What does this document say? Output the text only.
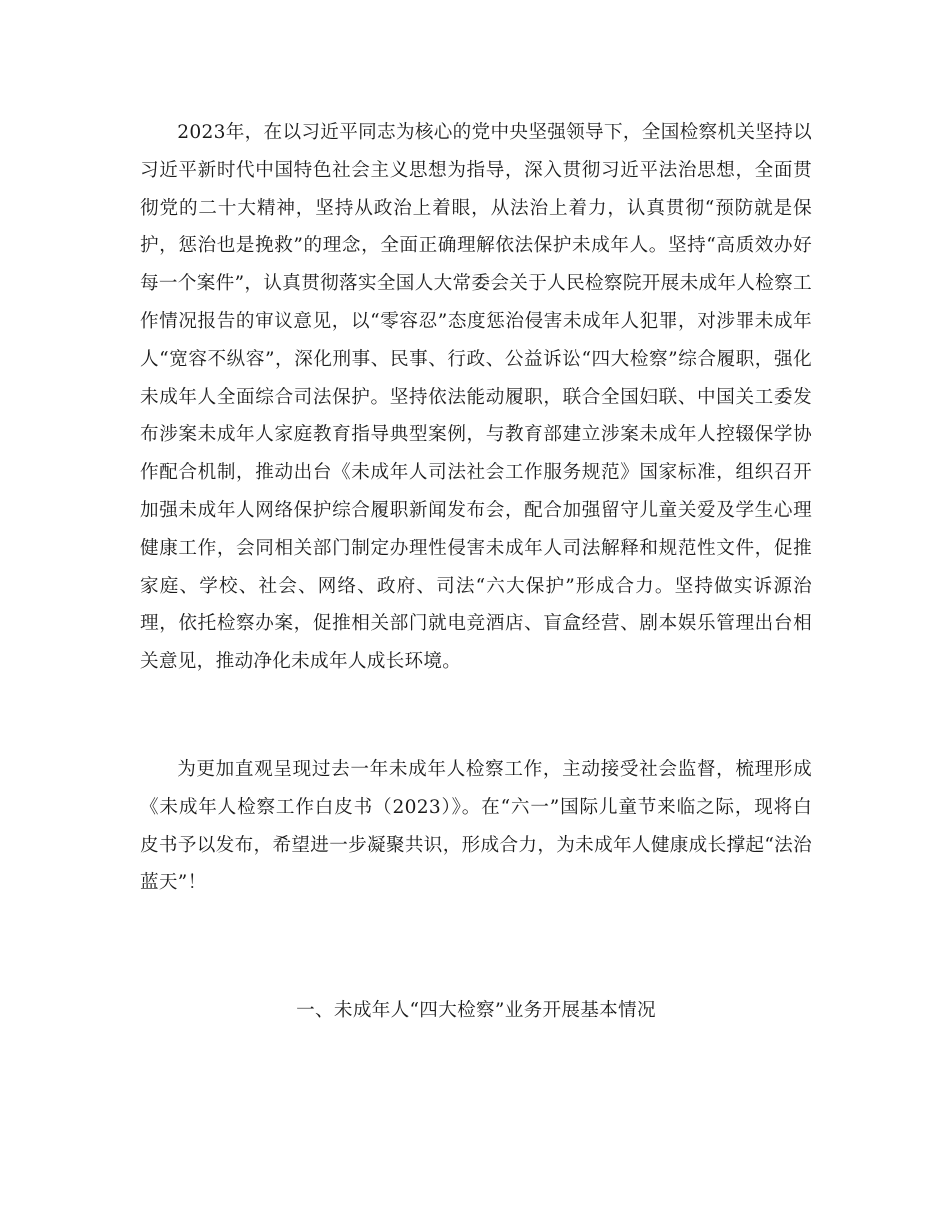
2023年，在以习近平同志为核心的党中央坚强领导下，全国检察机关坚持以习近平新时代中国特色社会主义思想为指导，深入贯彻习近平法治思想，全面贯彻党的二十大精神，坚持从政治上着眼，从法治上着力，认真贯彻“预防就是保护，惩治也是挽救”的理念，全面正确理解依法保护未成年人。坚持“高质效办好每一个案件”，认真贯彻落实全国人大常委会关于人民检察院开展未成年人检察工作情况报告的审议意见，以“零容忍”态度惩治侵害未成年人犯罪，对涉罪未成年人“宽容不纵容”，深化刑事、民事、行政、公益诉讼“四大检察”综合履职，强化未成年人全面综合司法保护。坚持依法能动履职，联合全国妇联、中国关工委发布涉案未成年人家庭教育指导典型案例，与教育部建立涉案未成年人控辍保学协作配合机制，推动出台《未成年人司法社会工作服务规范》国家标准，组织召开加强未成年人网络保护综合履职新闻发布会，配合加强留守儿童关爱及学生心理健康工作，会同相关部门制定办理性侵害未成年人司法解释和规范性文件，促推家庭、学校、社会、网络、政府、司法“六大保护”形成合力。坚持做实诉源治理，依托检察办案，促推相关部门就电竞酒店、盲盒经营、剧本娱乐管理出台相关意见，推动净化未成年人成长环境。

为更加直观呈现过去一年未成年人检察工作，主动接受社会监督，梳理形成《未成年人检察工作白皮书（2023）》。在“六一”国际儿童节来临之际，现将白皮书予以发布，希望进一步凝聚共识，形成合力，为未成年人健康成长撑起“法治蓝天”！

一、未成年人“四大检察”业务开展基本情况
